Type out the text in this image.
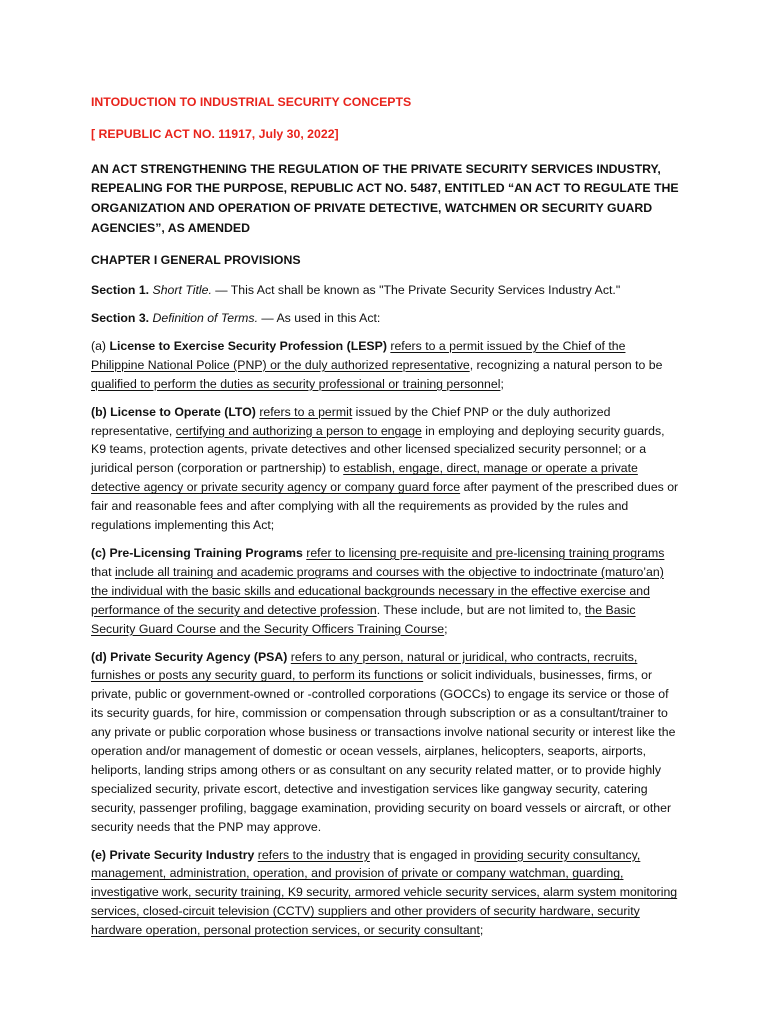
INTODUCTION TO INDUSTRIAL SECURITY CONCEPTS

[ REPUBLIC ACT NO. 11917, July 30, 2022]

AN ACT STRENGTHENING THE REGULATION OF THE PRIVATE SECURITY SERVICES INDUSTRY, REPEALING FOR THE PURPOSE, REPUBLIC ACT NO. 5487, ENTITLED “AN ACT TO REGULATE THE ORGANIZATION AND OPERATION OF PRIVATE DETECTIVE, WATCHMEN OR SECURITY GUARD AGENCIES”, AS AMENDED

CHAPTER I GENERAL PROVISIONS

Section 1. Short Title. — This Act shall be known as "The Private Security Services Industry Act."

Section 3. Definition of Terms. — As used in this Act:

(a) License to Exercise Security Profession (LESP) refers to a permit issued by the Chief of the Philippine National Police (PNP) or the duly authorized representative, recognizing a natural person to be qualified to perform the duties as security professional or training personnel;

(b) License to Operate (LTO) refers to a permit issued by the Chief PNP or the duly authorized representative, certifying and authorizing a person to engage in employing and deploying security guards, K9 teams, protection agents, private detectives and other licensed specialized security personnel; or a juridical person (corporation or partnership) to establish, engage, direct, manage or operate a private detective agency or private security agency or company guard force after payment of the prescribed dues or fair and reasonable fees and after complying with all the requirements as provided by the rules and regulations implementing this Act;

(c) Pre-Licensing Training Programs refer to licensing pre-requisite and pre-licensing training programs that include all training and academic programs and courses with the objective to indoctrinate (maturo’an) the individual with the basic skills and educational backgrounds necessary in the effective exercise and performance of the security and detective profession. These include, but are not limited to, the Basic Security Guard Course and the Security Officers Training Course;

(d) Private Security Agency (PSA) refers to any person, natural or juridical, who contracts, recruits, furnishes or posts any security guard, to perform its functions or solicit individuals, businesses, firms, or private, public or government-owned or -controlled corporations (GOCCs) to engage its service or those of its security guards, for hire, commission or compensation through subscription or as a consultant/trainer to any private or public corporation whose business or transactions involve national security or interest like the operation and/or management of domestic or ocean vessels, airplanes, helicopters, seaports, airports, heliports, landing strips among others or as consultant on any security related matter, or to provide highly specialized security, private escort, detective and investigation services like gangway security, catering security, passenger profiling, baggage examination, providing security on board vessels or aircraft, or other security needs that the PNP may approve.

(e) Private Security Industry refers to the industry that is engaged in providing security consultancy, management, administration, operation, and provision of private or company watchman, guarding, investigative work, security training, K9 security, armored vehicle security services, alarm system monitoring services, closed-circuit television (CCTV) suppliers and other providers of security hardware, security hardware operation, personal protection services, or security consultant;
